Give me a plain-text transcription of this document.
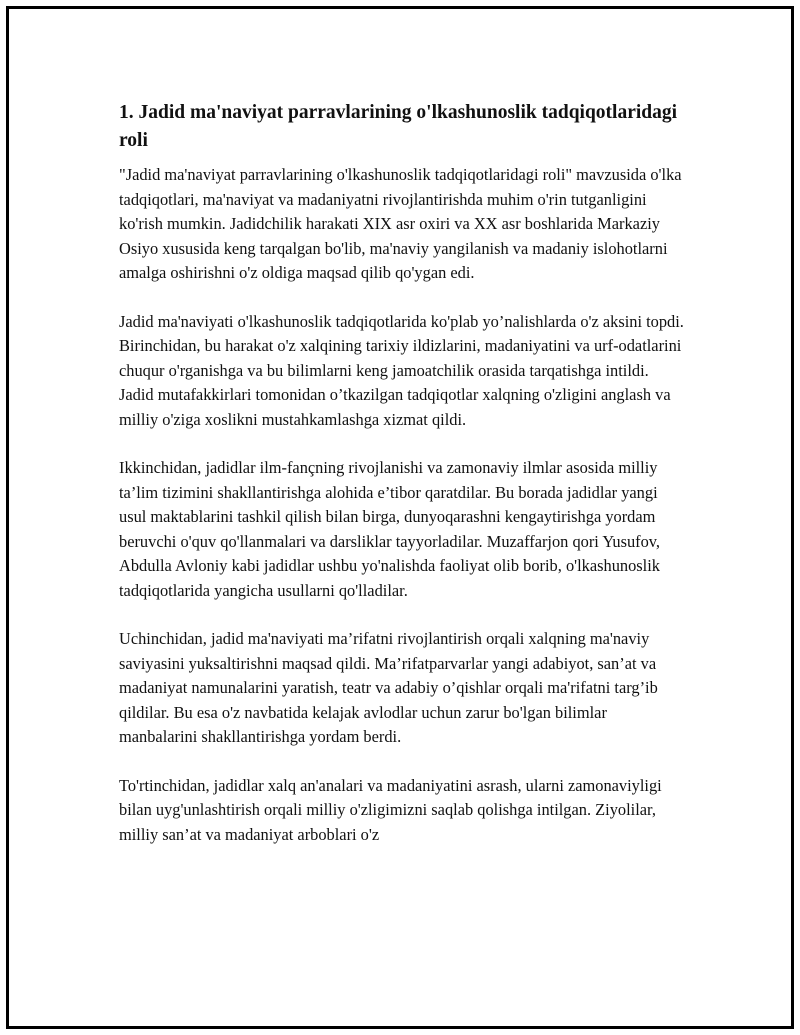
1. Jadid ma'naviyat parravlarining o'lkashunoslik tadqiqotlaridagi roli

"Jadid ma'naviyat parravlarining o'lkashunoslik tadqiqotlaridagi roli" mavzusida o'lka tadqiqotlari, ma'naviyat va madaniyatni rivojlantirishda muhim o'rin tutganligini ko'rish mumkin. Jadidchilik harakati XIX asr oxiri va XX asr boshlarida Markaziy Osiyo xususida keng tarqalgan bo'lib, ma'naviy yangilanish va madaniy islohotlarni amalga oshirishni o'z oldiga maqsad qilib qo'ygan edi.

Jadid ma'naviyati o'lkashunoslik tadqiqotlarida ko'plab yo’nalishlarda o'z aksini topdi. Birinchidan, bu harakat o'z xalqining tarixiy ildizlarini, madaniyatini va urf-odatlarini chuqur o'rganishga va bu bilimlarni keng jamoatchilik orasida tarqatishga intildi. Jadid mutafakkirlari tomonidan o’tkazilgan tadqiqotlar xalqning o'zligini anglash va milliy o'ziga xoslikni mustahkamlashga xizmat qildi.

Ikkinchidan, jadidlar ilm-fançning rivojlanishi va zamonaviy ilmlar asosida milliy ta’lim tizimini shakllantirishga alohida e’tibor qaratdilar. Bu borada jadidlar yangi usul maktablarini tashkil qilish bilan birga, dunyoqarashni kengaytirishga yordam beruvchi o'quv qo'llanmalari va darsliklar tayyorladilar. Muzaffarjon qori Yusufov, Abdulla Avloniy kabi jadidlar ushbu yo'nalishda faoliyat olib borib, o'lkashunoslik tadqiqotlarida yangicha usullarni qo'lladilar.

Uchinchidan, jadid ma'naviyati ma’rifatni rivojlantirish orqali xalqning ma'naviy saviyasini yuksaltirishni maqsad qildi. Ma’rifatparvarlar yangi adabiyot, san’at va madaniyat namunalarini yaratish, teatr va adabiy o’qishlar orqali ma'rifatni targ’ib qildilar. Bu esa o'z navbatida kelajak avlodlar uchun zarur bo'lgan bilimlar manbalarini shakllantirishga yordam berdi.

To'rtinchidan, jadidlar xalq an'analari va madaniyatini asrash, ularni zamonaviyligi bilan uyg'unlashtirish orqali milliy o'zligimizni saqlab qolishga intilgan. Ziyolilar, milliy san’at va madaniyat arboblari o'z
